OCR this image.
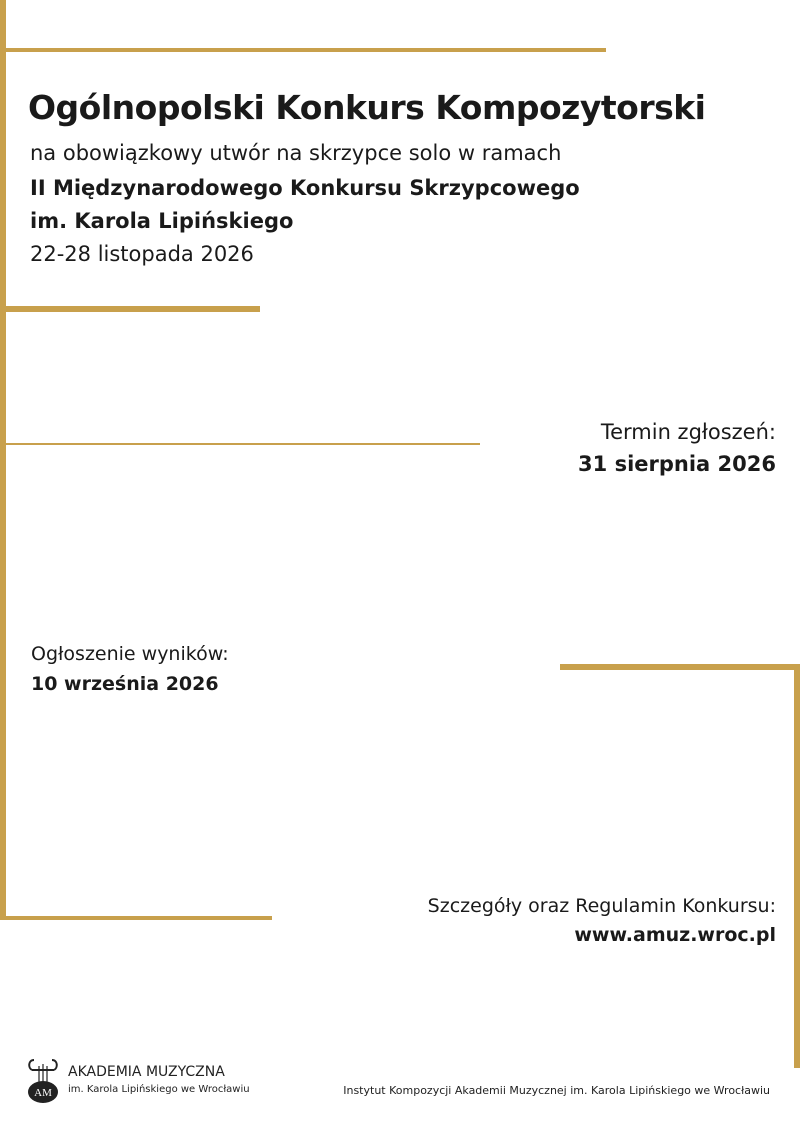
Ogólnopolski Konkurs Kompozytorski
na obowiązkowy utwór na skrzypce solo w ramach
II Międzynarodowego Konkursu Skrzypcowego
im. Karola Lipińskiego
22-28 listopada 2026
Termin zgłoszeń:
31 sierpnia 2026
Ogłoszenie wyników:
10 września 2026
Szczegóły oraz Regulamin Konkursu:
www.amuz.wroc.pl
AM
AKADEMIA MUZYCZNA
im. Karola Lipińskiego we Wrocławiu	Instytut Kompozycji Akademii Muzycznej im. Karola Lipińskiego we Wrocławiu
